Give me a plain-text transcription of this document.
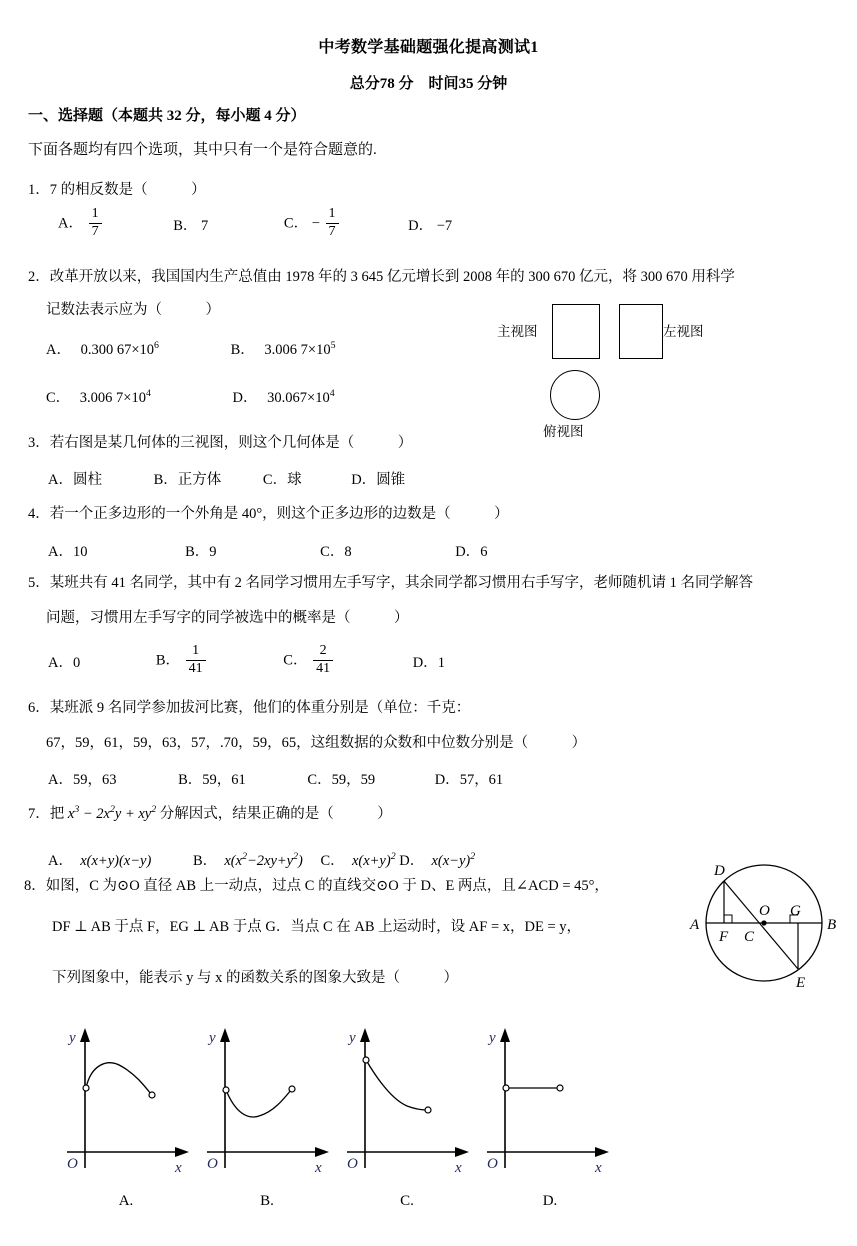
中考数学基础题强化提高测试1
总分78 分　时间35 分钟
一、选择题（本题共 32 分，每小题 4 分）
下面各题均有四个选项，其中只有一个是符合题意的.
1．7 的相反数是（　　　）
A． $\frac{1}{7}$	B． 7	C． − $\frac{1}{7}$	D． −7
2．改革开放以来，我国国内生产总值由 1978 年的 3 645 亿元增长到 2008 年的 300 670 亿元，将 300 670 用科学
记数法表示应为（　　　）
A． 0.300 $67\times 10^6$	B． 3.006 $7\times 10^5$
C． 3.006 $7\times 10^4$	D． $30.067\times 10^4$
主视图	左视图
俯视图
3．若右图是某几何体的三视图，则这个几何体是（　　　）
A．圆柱	B．正方体	C．球	D．圆锥
4．若一个正多边形的一个外角是 40°，则这个正多边形的边数是（　　　）
A．10	B．9	C．8	D．6
5．某班共有 41 名同学，其中有 2 名同学习惯用左手写字，其余同学都习惯用右手写字，老师随机请 1 名同学解答
问题，习惯用左手写字的同学被选中的概率是（　　　）
A．0	B． $\frac{1}{41}$	C． $\frac{2}{41}$	D．1
6．某班派 9 名同学参加拔河比赛，他们的体重分别是（单位：千克：
67，59，61，59，63，57，.70，59，65，这组数据的众数和中位数分别是（　　　）
A．59，63	B．59，61	C．59，59	D．57，61
7．把 $x^3 - 2x^2y + xy^2$ 分解因式，结果正确的是（　　　）
A．  x(x+y)(x−y)	B．  $x(x^2-2xy+y^2)$ C．  $x(x+y)^2$ D．  $x(x-y)^2$
8．如图，C 为⊙O 直径 AB 上一动点，过点 C 的直线交⊙O 于 D、E 两点，且∠ACD = 45°，
DF ⊥ AB 于点 F，EG ⊥ AB 于点 G．当点 C 在 AB 上运动时，设 AF = x，DE = y，
下列图象中，能表示 y 与 x 的函数关系的图象大致是（　　　）
D
O G
A
F C
B
E
y
x
O
A.
y
x
O
B.
y
x
O
C.
y
x
O
D.
